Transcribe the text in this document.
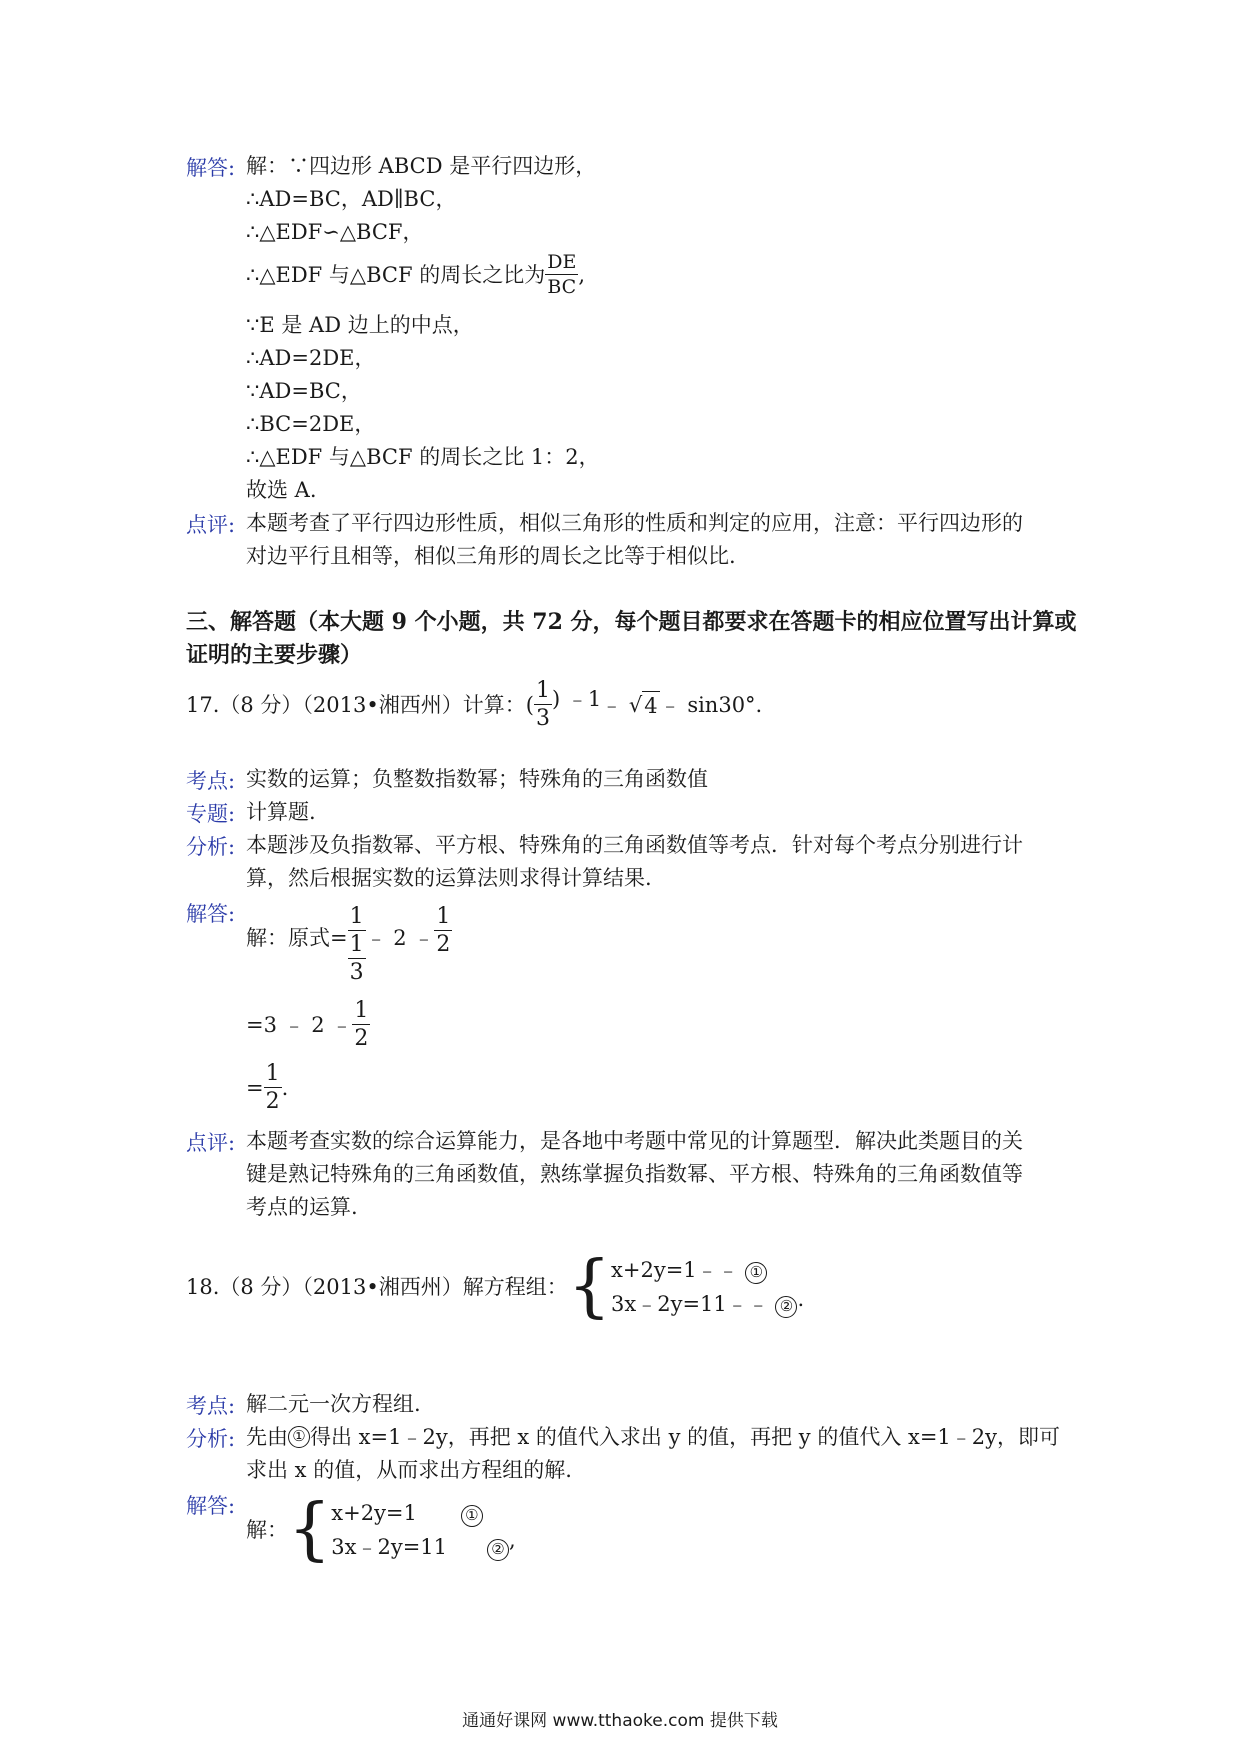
解答: 解：∵四边形 ABCD 是平行四边形，
∴AD=BC，AD∥BC，
∴△EDF∽△BCF，
∴△EDF 与△BCF 的周长之比为 $\frac{DE}{BC}$ ,
∵E 是 AD 边上的中点，
∴AD=2DE，
∵AD=BC，
∴BC=2DE，
∴△EDF 与△BCF 的周长之比 1：2，
故选 A.
点评: 本题考查了平行四边形性质，相似三角形的性质和判定的应用，注意：平行四边形的
对边平行且相等，相似三角形的周长之比等于相似比.
三、解答题（本大题 9 个小题，共 72 分，每个题目都要求在答题卡的相应位置写出计算或
证明的主要步骤）
17.（8 分）（2013•湘西州）计算：( $\frac{1}{3}$ ) ﹣1 ﹣ √ 4 ﹣ sin30°.
考点: 实数的运算；负整数指数幂；特殊角的三角函数值
专题: 计算题.
分析: 本题涉及负指数幂、平方根、特殊角的三角函数值等考点．针对每个考点分别进行计
算，然后根据实数的运算法则求得计算结果.
解答:
解：原式= $\frac{1}{\frac{1}{3}}$ ﹣ 2 ﹣ $\frac{1}{2}$
=3 ﹣ 2 ﹣ $\frac{1}{2}$
= $\frac{1}{2}$ .
点评: 本题考查实数的综合运算能力，是各地中考题中常见的计算题型．解决此类题目的关
键是熟记特殊角的三角函数值，熟练掌握负指数幂、平方根、特殊角的三角函数值等
考点的运算.
18.（8 分）（2013•湘西州）解方程组： { x+2y=1﹣﹣ ①
3x﹣2y=11﹣﹣ ② .
考点: 解二元一次方程组.
分析: 先由 ① 得出 x=1﹣2y，再把 x 的值代入求出 y 的值，再把 y 的值代入 x=1﹣2y，即可
求出 x 的值，从而求出方程组的解.
解答:
解： { x+2y=1	①
3x﹣2y=11	② ,
通通好课网 www.tthaoke.com 提供下载
